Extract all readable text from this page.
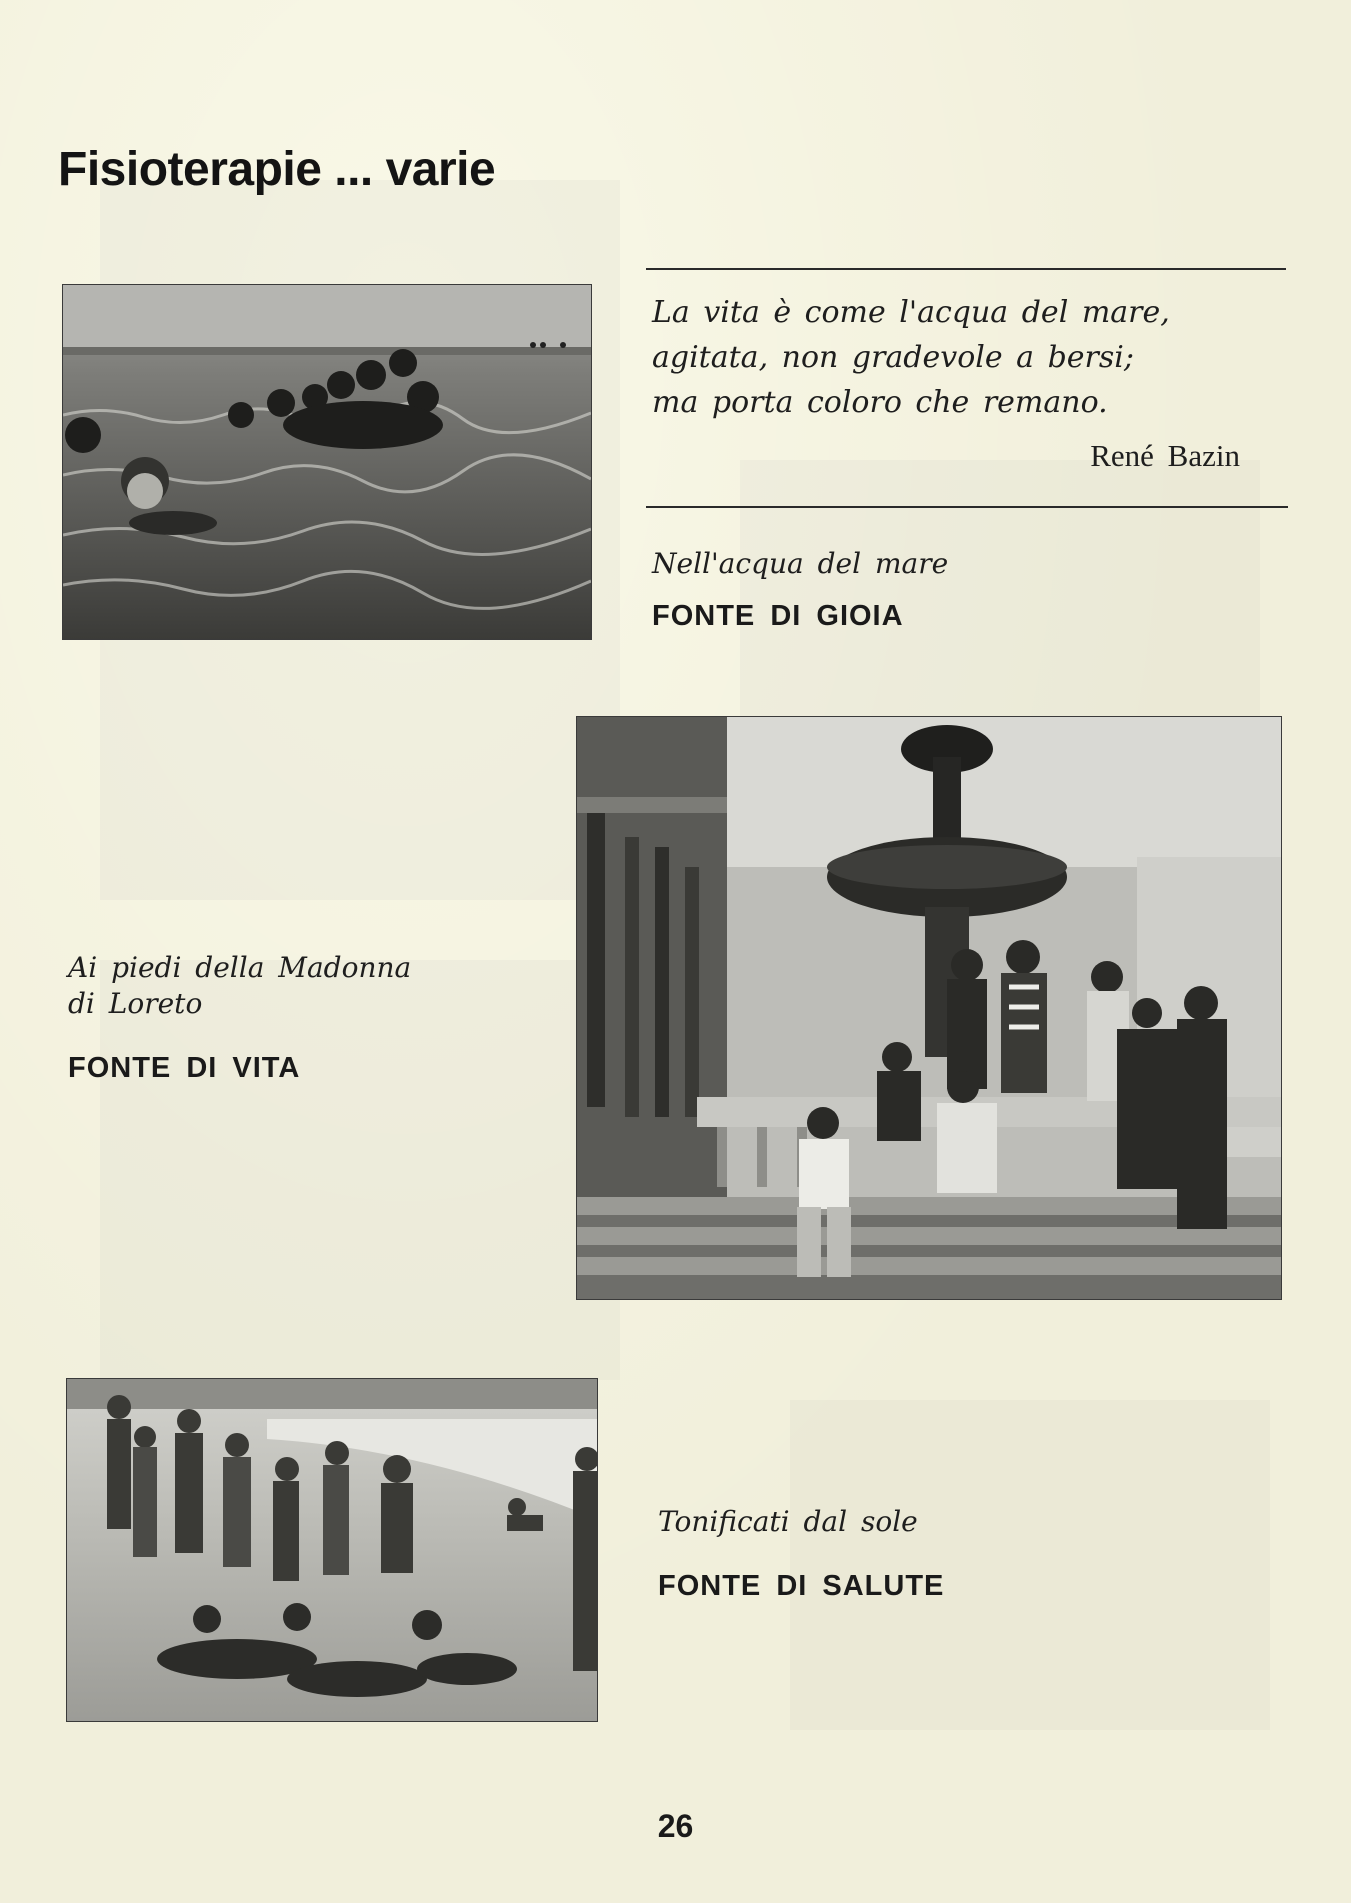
Fisioterapie ... varie
La vita è come l'acqua del mare,
agitata, non gradevole a bersi;
ma porta coloro che remano.
René Bazin
Nell'acqua del mare
FONTE DI GIOIA
Ai piedi della Madonna
di Loreto
FONTE DI VITA
Tonificati dal sole
FONTE DI SALUTE
26
